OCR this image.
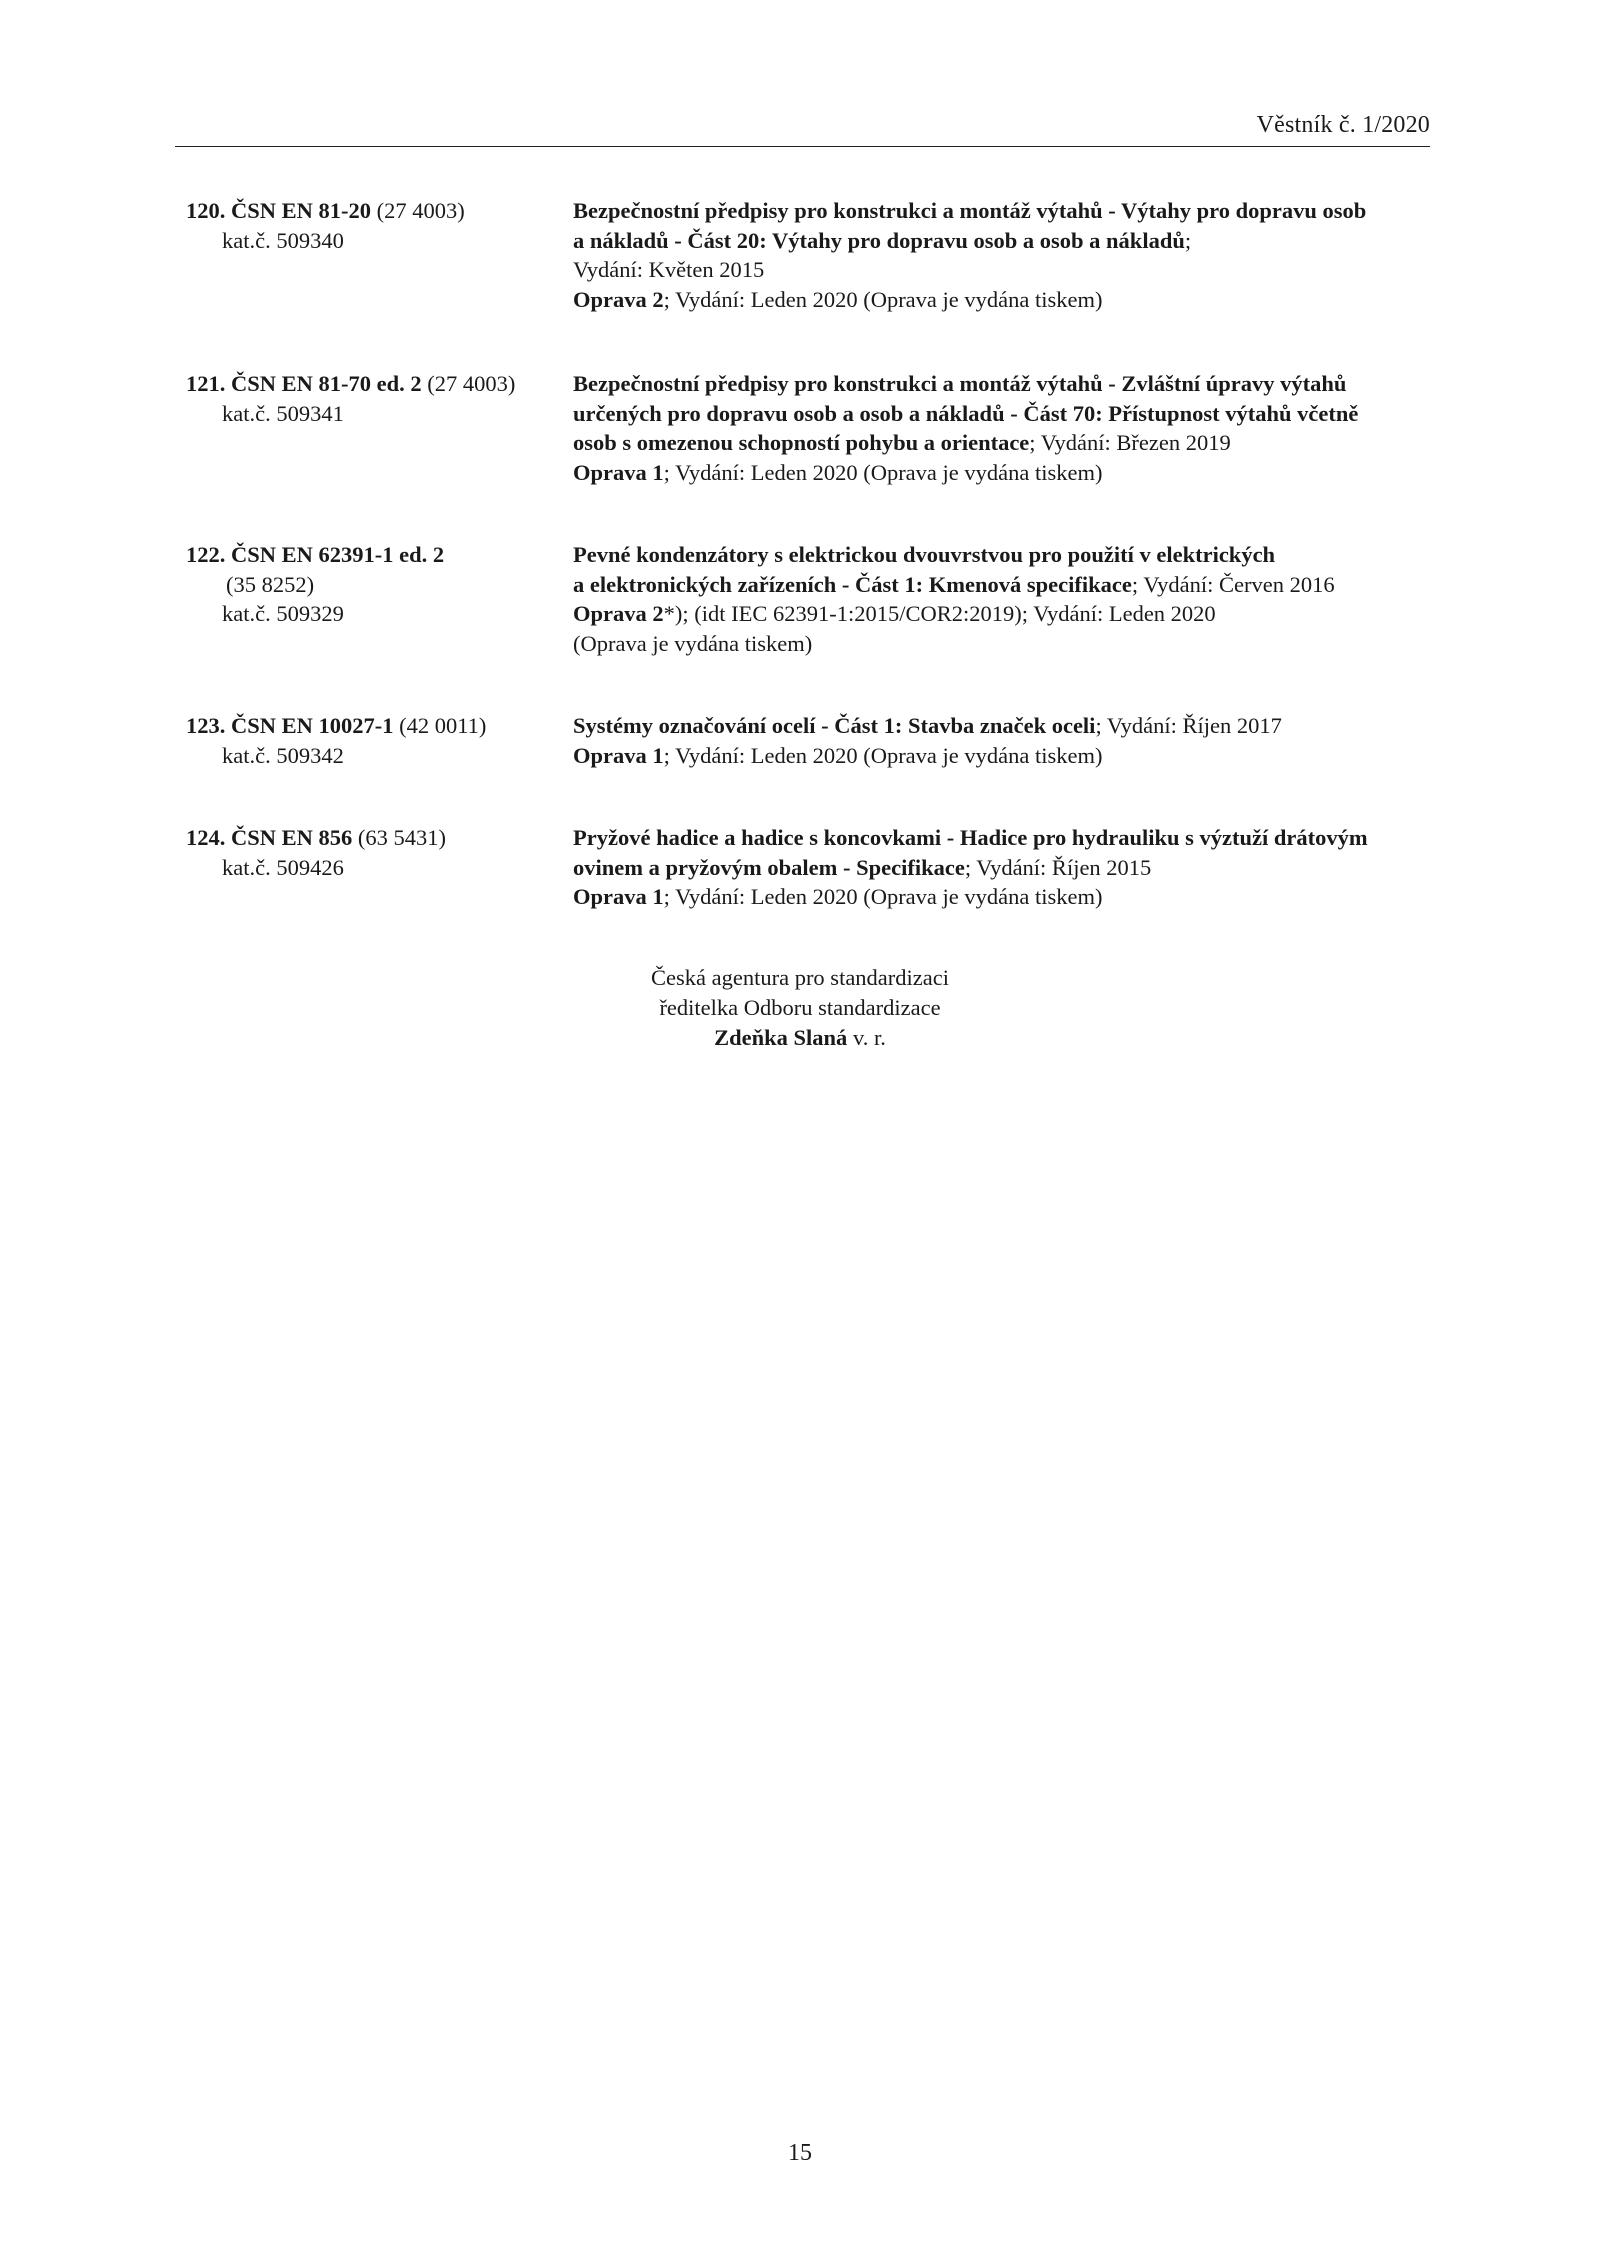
Věstník č. 1/2020
120. ČSN EN 81-20 (27 4003)
kat.č. 509340
Bezpečnostní předpisy pro konstrukci a montáž výtahů - Výtahy pro dopravu osob
a nákladů - Část 20: Výtahy pro dopravu osob a osob a nákladů;
Vydání: Květen 2015
Oprava 2; Vydání: Leden 2020 (Oprava je vydána tiskem)
121. ČSN EN 81-70 ed. 2 (27 4003)
kat.č. 509341
Bezpečnostní předpisy pro konstrukci a montáž výtahů - Zvláštní úpravy výtahů
určených pro dopravu osob a osob a nákladů - Část 70: Přístupnost výtahů včetně
osob s omezenou schopností pohybu a orientace; Vydání: Březen 2019
Oprava 1; Vydání: Leden 2020 (Oprava je vydána tiskem)
122. ČSN EN 62391-1 ed. 2
(35 8252)
kat.č. 509329
Pevné kondenzátory s elektrickou dvouvrstvou pro použití v elektrických
a elektronických zařízeních - Část 1: Kmenová specifikace; Vydání: Červen 2016
Oprava 2*); (idt IEC 62391-1:2015/COR2:2019); Vydání: Leden 2020
(Oprava je vydána tiskem)
123. ČSN EN 10027-1 (42 0011)
kat.č. 509342
Systémy označování ocelí - Část 1: Stavba značek oceli; Vydání: Říjen 2017
Oprava 1; Vydání: Leden 2020 (Oprava je vydána tiskem)
124. ČSN EN 856 (63 5431)
kat.č. 509426
Pryžové hadice a hadice s koncovkami - Hadice pro hydrauliku s výztuží drátovým
ovinem a pryžovým obalem - Specifikace; Vydání: Říjen 2015
Oprava 1; Vydání: Leden 2020 (Oprava je vydána tiskem)
Česká agentura pro standardizaci
ředitelka Odboru standardizace
Zdeňka Slaná v. r.
15
